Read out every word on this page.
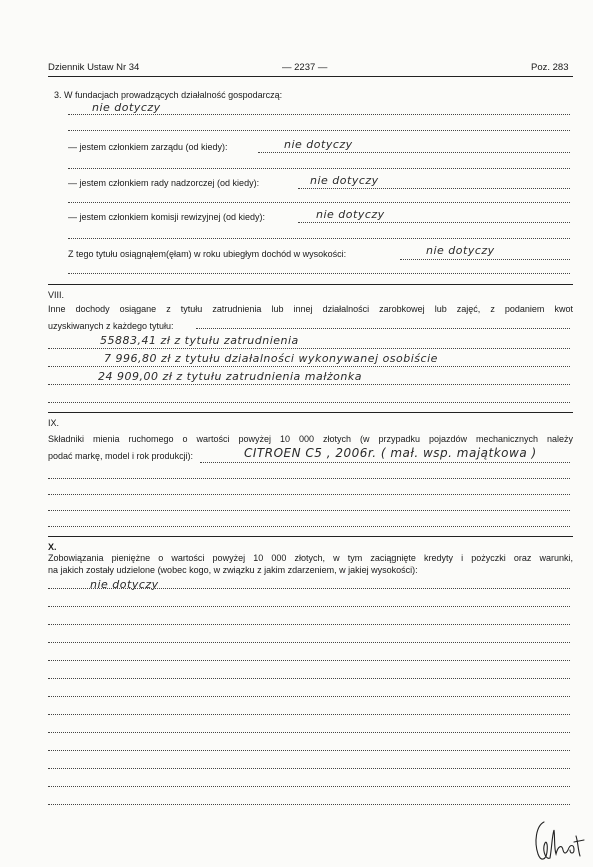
Dziennik Ustaw Nr 34	— 2237 —	Poz. 283
3. W fundacjach prowadzących działalność gospodarczą:
nie dotyczy
— jestem członkiem zarządu (od kiedy):	nie dotyczy
— jestem członkiem rady nadzorczej (od kiedy):	nie dotyczy
— jestem członkiem komisji rewizyjnej (od kiedy):	nie dotyczy
Z tego tytułu osiągnąłem(ęłam) w roku ubiegłym dochód w wysokości:	nie dotyczy
VIII.
Inne dochody osiągane z tytułu zatrudnienia lub innej działalności zarobkowej lub zajęć, z podaniem kwot
uzyskiwanych z każdego tytułu:
55883,41 zł z tytułu zatrudnienia
7 996,80 zł z tytułu działalności wykonywanej osobiście
24 909,00 zł z tytułu zatrudnienia małżonka
IX.
Składniki mienia ruchomego o wartości powyżej 10 000 złotych (w przypadku pojazdów mechanicznych należy
podać markę, model i rok produkcji):	CITROEN C5 , 2006r. ( mał. wsp. majątkowa )
X.
Zobowiązania pieniężne o wartości powyżej 10 000 złotych, w tym zaciągnięte kredyty i pożyczki oraz warunki,
na jakich zostały udzielone (wobec kogo, w związku z jakim zdarzeniem, w jakiej wysokości):
nie dotyczy
